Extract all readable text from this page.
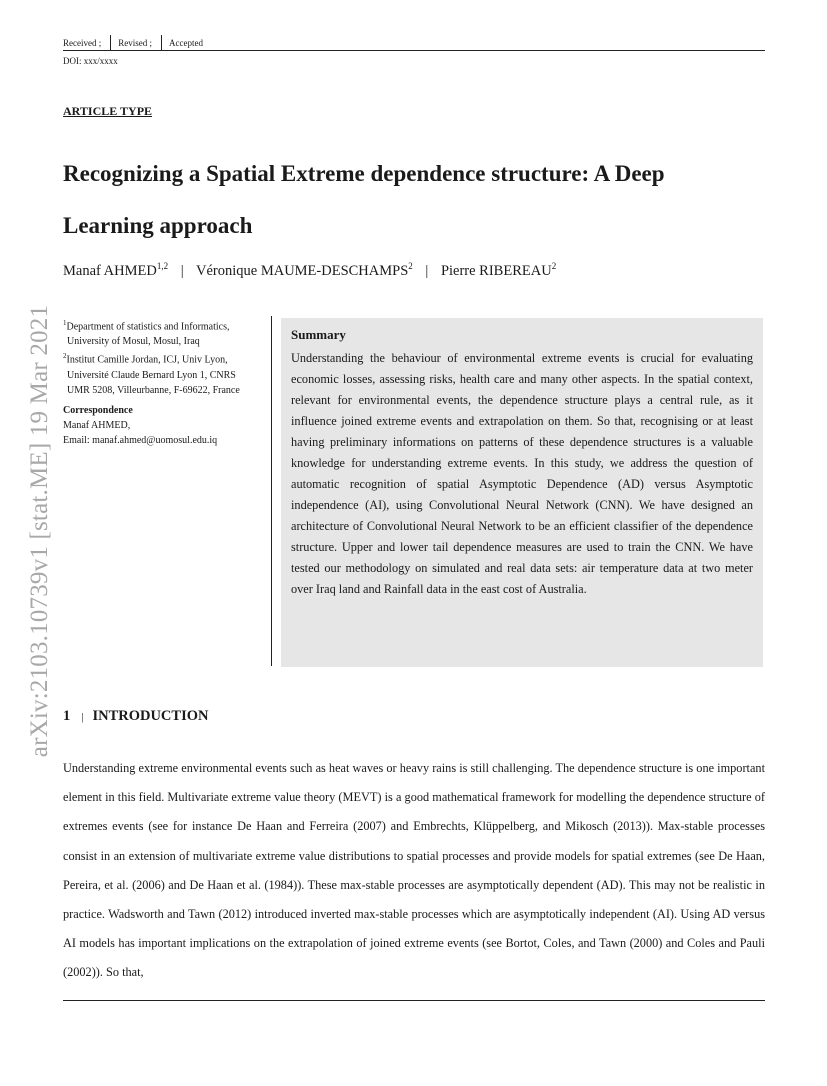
Received ; Revised ; Accepted
DOI: xxx/xxxx
ARTICLE TYPE
Recognizing a Spatial Extreme dependence structure: A Deep
Learning approach
Manaf AHMED$^{1,2}$ | Véronique MAUME-DESCHAMPS$^2$ | Pierre RIBEREAU$^2$
arXiv:2103.10739v1 [stat.ME] 19 Mar 2021 $^1$Department of statistics and Informatics,
University of Mosul, Mosul, Iraq
$^2$Institut Camille Jordan, ICJ, Univ Lyon,
Université Claude Bernard Lyon 1, CNRS
UMR 5208, Villeurbanne, F-69622, France
Correspondence
Manaf AHMED,
Email: manaf.ahmed@uomosul.edu.iq
Summary
Understanding the behaviour of environmental extreme events is crucial for evaluating economic losses, assessing risks, health care and many other aspects. In the spatial context, relevant for environmental events, the dependence structure plays a central rule, as it influence joined extreme events and extrapolation on them. So that, recognising or at least having preliminary informations on patterns of these dependence structures is a valuable knowledge for understanding extreme events. In this study, we address the question of automatic recognition of spatial Asymptotic Dependence (AD) versus Asymptotic independence (AI), using Convolutional Neural Network (CNN). We have designed an architecture of Convolutional Neural Network to be an efficient classifier of the dependence structure. Upper and lower tail dependence measures are used to train the CNN. We have tested our methodology on simulated and real data sets: air temperature data at two meter over Iraq land and Rainfall data in the east cost of Australia.
1 | INTRODUCTION
Understanding extreme environmental events such as heat waves or heavy rains is still challenging. The dependence structure is one important element in this field. Multivariate extreme value theory (MEVT) is a good mathematical framework for modelling the dependence structure of extremes events (see for instance De Haan and Ferreira (2007) and Embrechts, Klüppelberg, and Mikosch (2013)). Max-stable processes consist in an extension of multivariate extreme value distributions to spatial processes and provide models for spatial extremes (see De Haan, Pereira, et al. (2006) and De Haan et al. (1984)). These max-stable processes are asymptotically dependent (AD). This may not be realistic in practice. Wadsworth and Tawn (2012) introduced inverted max-stable processes which are asymptotically independent (AI). Using AD versus AI models has important implications on the extrapolation of joined extreme events (see Bortot, Coles, and Tawn (2000) and Coles and Pauli (2002)). So that,
